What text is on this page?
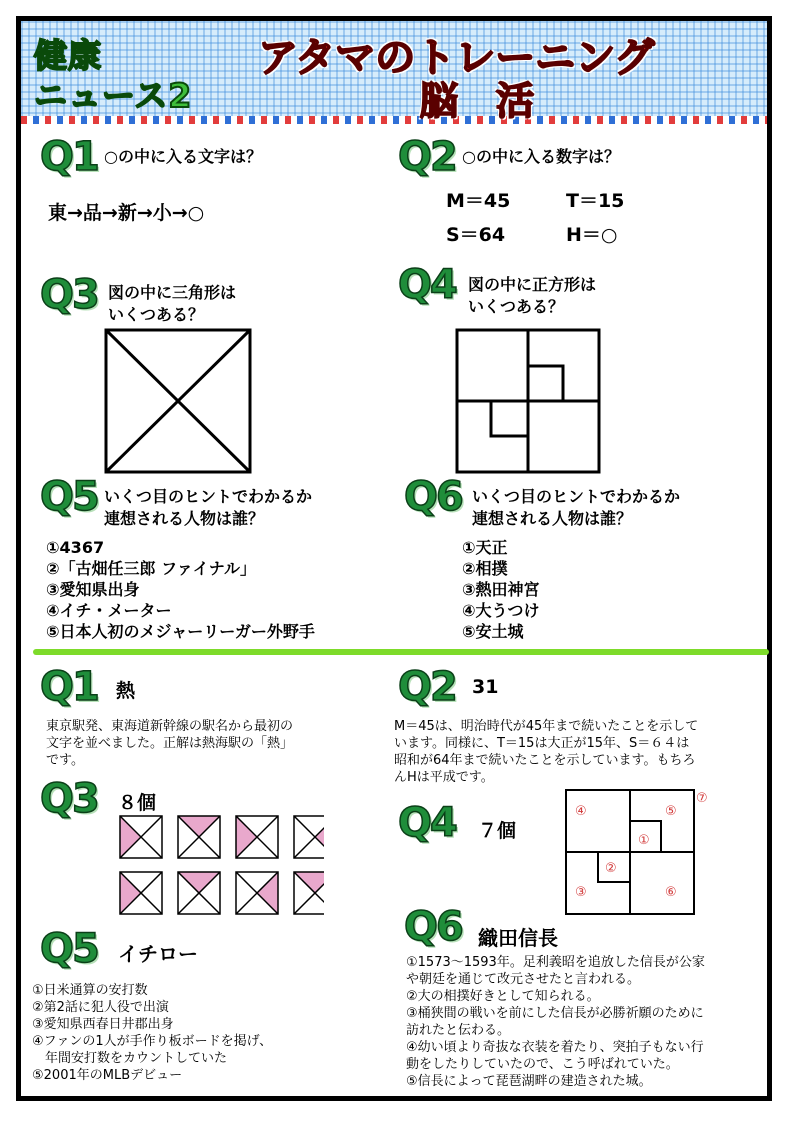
健康
ニュース2
アタマのトレーニング
脳　活
Q1 ○の中に入る文字は？
東→品→新→小→○
Q2 ○の中に入る数字は？
M＝45	T＝15
S＝64	H＝○
Q3 図の中に三角形は
いくつある？
Q4 図の中に正方形は
いくつある？
Q5 いくつ目のヒントでわかるか
連想される人物は誰？
①4367
②「古畑任三郎 ファイナル」
③愛知県出身
④イチ・メーター
⑤日本人初のメジャーリーガー外野手
Q6 いくつ目のヒントでわかるか
連想される人物は誰？
①天正
②相撲
③熱田神宮
④大うつけ
⑤安土城
Q1 熱
東京駅発、東海道新幹線の駅名から最初の
文字を並べました。正解は熱海駅の「熱」
です。
Q2 31
M＝45は、明治時代が45年まで続いたことを示して
います。同様に、T＝15は大正が15年、S＝６４は
昭和が64年まで続いたことを示しています。もちろ
んHは平成です。
Q3 ８個	Q4 ７個
④	⑤
⑦
①
②
③	⑥
Q5 イチロー
①日米通算の安打数
②第2話に犯人役で出演
③愛知県西春日井郡出身
④ファンの1人が手作り板ボードを掲げ、
　年間安打数をカウントしていた
⑤2001年のMLBデビュー
Q6 織田信長
①1573～1593年。足利義昭を追放した信長が公家
や朝廷を通じて改元させたと言われる。
②大の相撲好きとして知られる。
③桶狭間の戦いを前にした信長が必勝祈願のために
訪れたと伝わる。
④幼い頃より奇抜な衣装を着たり、突拍子もない行
動をしたりしていたので、こう呼ばれていた。
⑤信長によって琵琶湖畔の建造された城。
